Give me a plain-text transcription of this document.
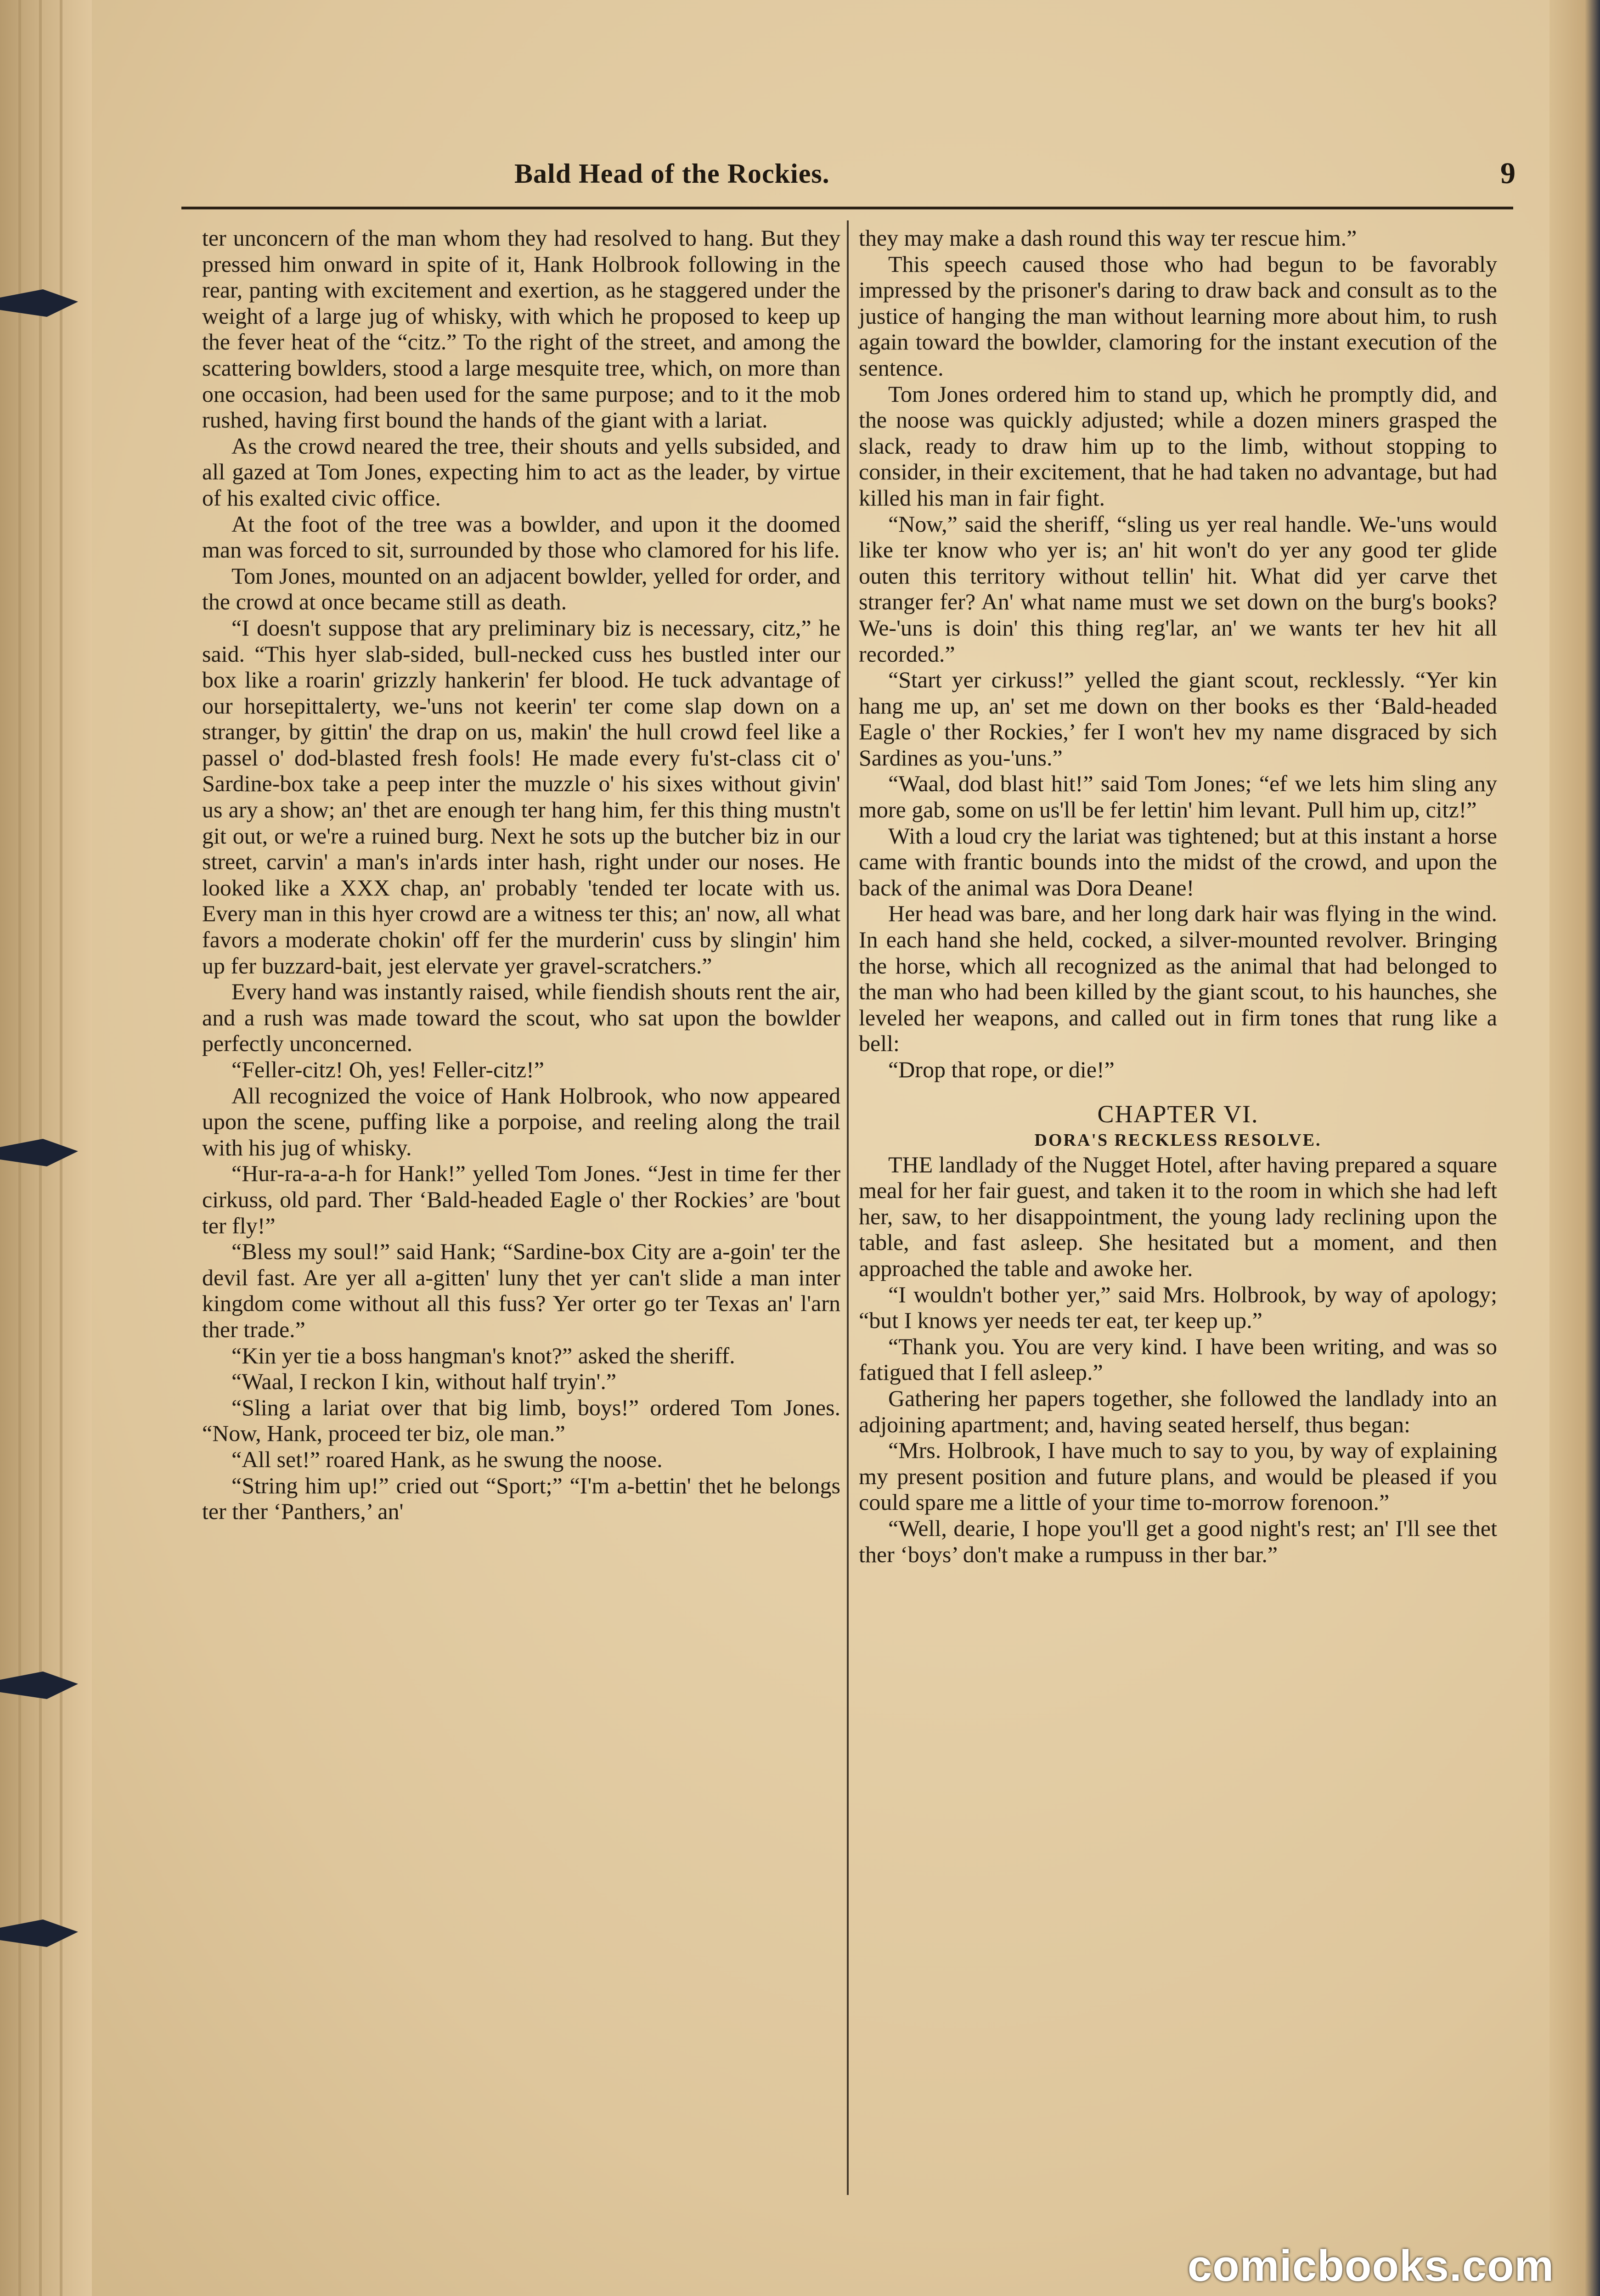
Bald Head of the Rockies.	9

ter unconcern of the man whom they had resolved to hang. But they pressed him onward in spite of it, Hank Holbrook following in the rear, panting with excitement and exertion, as he staggered under the weight of a large jug of whisky, with which he proposed to keep up the fever heat of the “citz.” To the right of the street, and among the scattering bowlders, stood a large mesquite tree, which, on more than one occasion, had been used for the same purpose; and to it the mob rushed, having first bound the hands of the giant with a lariat.

As the crowd neared the tree, their shouts and yells subsided, and all gazed at Tom Jones, expecting him to act as the leader, by virtue of his exalted civic office.

At the foot of the tree was a bowlder, and upon it the doomed man was forced to sit, surrounded by those who clamored for his life.

Tom Jones, mounted on an adjacent bowlder, yelled for order, and the crowd at once became still as death.

“I doesn't suppose that ary preliminary biz is necessary, citz,” he said. “This hyer slab-sided, bull-necked cuss hes bustled inter our box like a roarin' grizzly hankerin' fer blood. He tuck advantage of our horsepittalerty, we-'uns not keerin' ter come slap down on a stranger, by gittin' the drap on us, makin' the hull crowd feel like a passel o' dod-blasted fresh fools! He made every fu'st-class cit o' Sardine-box take a peep inter the muzzle o' his sixes without givin' us ary a show; an' thet are enough ter hang him, fer this thing mustn't git out, or we're a ruined burg. Next he sots up the butcher biz in our street, carvin' a man's in'ards inter hash, right under our noses. He looked like a XXX chap, an' probably 'tended ter locate with us. Every man in this hyer crowd are a witness ter this; an' now, all what favors a moderate chokin' off fer the murderin' cuss by slingin' him up fer buzzard-bait, jest elervate yer gravel-scratchers.”

Every hand was instantly raised, while fiendish shouts rent the air, and a rush was made toward the scout, who sat upon the bowlder perfectly unconcerned.

“Feller-citz! Oh, yes! Feller-citz!”

All recognized the voice of Hank Holbrook, who now appeared upon the scene, puffing like a porpoise, and reeling along the trail with his jug of whisky.

“Hur-ra-a-a-h for Hank!” yelled Tom Jones. “Jest in time fer ther cirkuss, old pard. Ther ‘Bald-headed Eagle o' ther Rockies’ are 'bout ter fly!”

“Bless my soul!” said Hank; “Sardine-box City are a-goin' ter the devil fast. Are yer all a-gitten' luny thet yer can't slide a man inter kingdom come without all this fuss? Yer orter go ter Texas an' l'arn ther trade.”

“Kin yer tie a boss hangman's knot?” asked the sheriff.

“Waal, I reckon I kin, without half tryin'.”

“Sling a lariat over that big limb, boys!” ordered Tom Jones. “Now, Hank, proceed ter biz, ole man.”

“All set!” roared Hank, as he swung the noose.

“String him up!” cried out “Sport;” “I'm a-bettin' thet he belongs ter ther ‘Panthers,’ an'

they may make a dash round this way ter rescue him.”

This speech caused those who had begun to be favorably impressed by the prisoner's daring to draw back and consult as to the justice of hanging the man without learning more about him, to rush again toward the bowlder, clamoring for the instant execution of the sentence.

Tom Jones ordered him to stand up, which he promptly did, and the noose was quickly adjusted; while a dozen miners grasped the slack, ready to draw him up to the limb, without stopping to consider, in their excitement, that he had taken no advantage, but had killed his man in fair fight.

“Now,” said the sheriff, “sling us yer real handle. We-'uns would like ter know who yer is; an' hit won't do yer any good ter glide outen this territory without tellin' hit. What did yer carve thet stranger fer? An' what name must we set down on the burg's books? We-'uns is doin' this thing reg'lar, an' we wants ter hev hit all recorded.”

“Start yer cirkuss!” yelled the giant scout, recklessly. “Yer kin hang me up, an' set me down on ther books es ther ‘Bald-headed Eagle o' ther Rockies,’ fer I won't hev my name disgraced by sich Sardines as you-'uns.”

“Waal, dod blast hit!” said Tom Jones; “ef we lets him sling any more gab, some on us'll be fer lettin' him levant. Pull him up, citz!”

With a loud cry the lariat was tightened; but at this instant a horse came with frantic bounds into the midst of the crowd, and upon the back of the animal was Dora Deane!

Her head was bare, and her long dark hair was flying in the wind. In each hand she held, cocked, a silver-mounted revolver. Bringing the horse, which all recognized as the animal that had belonged to the man who had been killed by the giant scout, to his haunches, she leveled her weapons, and called out in firm tones that rung like a bell:

“Drop that rope, or die!”

CHAPTER VI.
DORA'S RECKLESS RESOLVE.

THE landlady of the Nugget Hotel, after having prepared a square meal for her fair guest, and taken it to the room in which she had left her, saw, to her disappointment, the young lady reclining upon the table, and fast asleep. She hesitated but a moment, and then approached the table and awoke her.

“I wouldn't bother yer,” said Mrs. Holbrook, by way of apology; “but I knows yer needs ter eat, ter keep up.”

“Thank you. You are very kind. I have been writing, and was so fatigued that I fell asleep.”

Gathering her papers together, she followed the landlady into an adjoining apartment; and, having seated herself, thus began:

“Mrs. Holbrook, I have much to say to you, by way of explaining my present position and future plans, and would be pleased if you could spare me a little of your time to-morrow forenoon.”

“Well, dearie, I hope you'll get a good night's rest; an' I'll see thet ther ‘boys’ don't make a rumpuss in ther bar.”

comicbooks.com
